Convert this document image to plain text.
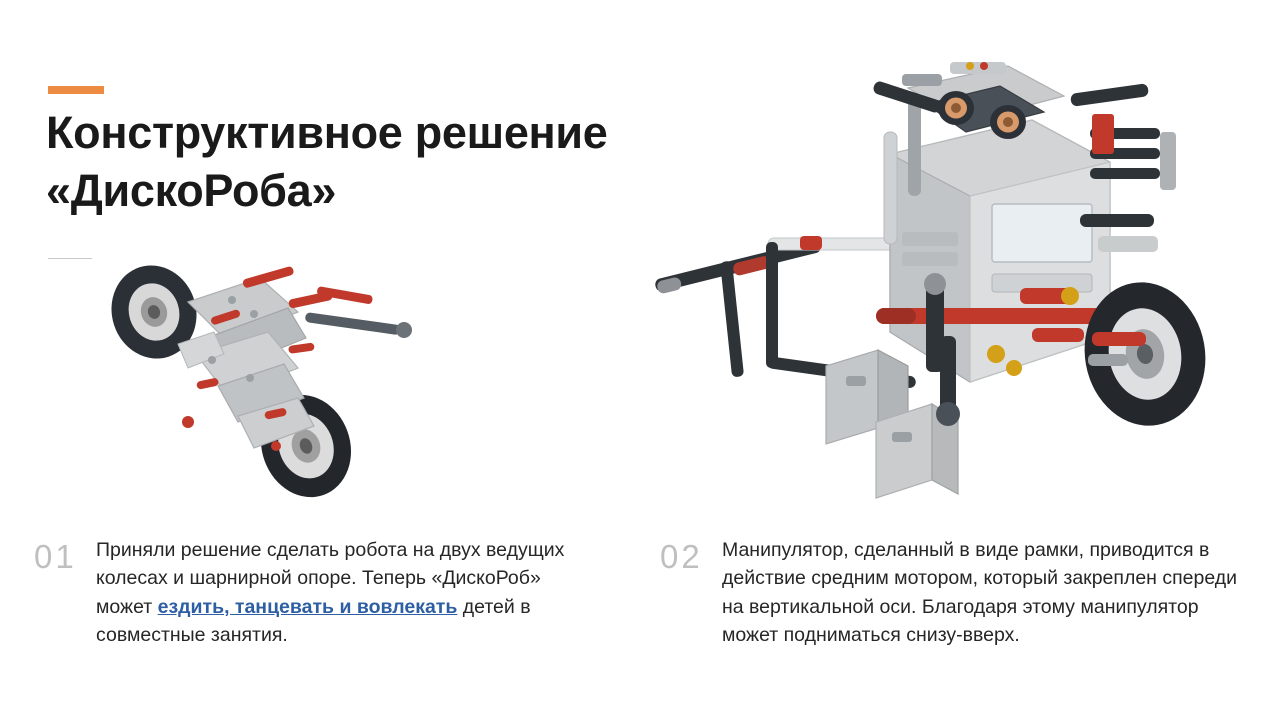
Конструктивное решение «ДискоРоба»
01 Приняли решение сделать робота на двух ведущих колесах и шарнирной опоре. Теперь «ДискоРоб» может ездить, танцевать и вовлекать детей в совместные занятия.
02 Манипулятор, сделанный в виде рамки, приводится в действие средним мотором, который закреплен спереди на вертикальной оси. Благодаря этому манипулятор может подниматься снизу-вверх.
